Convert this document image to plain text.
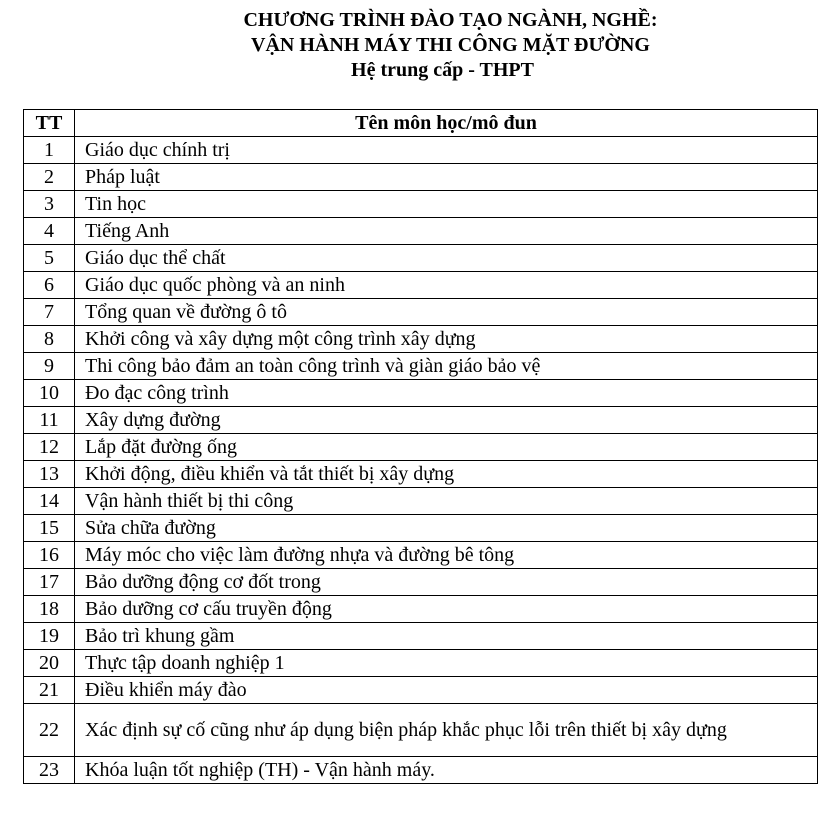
CHƯƠNG TRÌNH ĐÀO TẠO NGÀNH, NGHỀ:
VẬN HÀNH MÁY THI CÔNG MẶT ĐƯỜNG
Hệ trung cấp - THPT
TT	Tên môn học/mô đun
1	Giáo dục chính trị
2	Pháp luật
3	Tin học
4	Tiếng Anh
5	Giáo dục thể chất
6	Giáo dục quốc phòng và an ninh
7	Tổng quan về đường ô tô
8	Khởi công và xây dựng một công trình xây dựng
9	Thi công bảo đảm an toàn công trình và giàn giáo bảo vệ
10	Đo đạc công trình
11	Xây dựng đường
12	Lắp đặt đường ống
13	Khởi động, điều khiển và tắt thiết bị xây dựng
14	Vận hành thiết bị thi công
15	Sửa chữa đường
16	Máy móc cho việc làm đường nhựa và đường bê tông
17	Bảo dưỡng động cơ đốt trong
18	Bảo dưỡng cơ cấu truyền động
19	Bảo trì khung gầm
20	Thực tập doanh nghiệp 1
21	Điều khiển máy đào
22	Xác định sự cố cũng như áp dụng biện pháp khắc phục lỗi trên thiết bị xây dựng
23	Khóa luận tốt nghiệp (TH) - Vận hành máy.
